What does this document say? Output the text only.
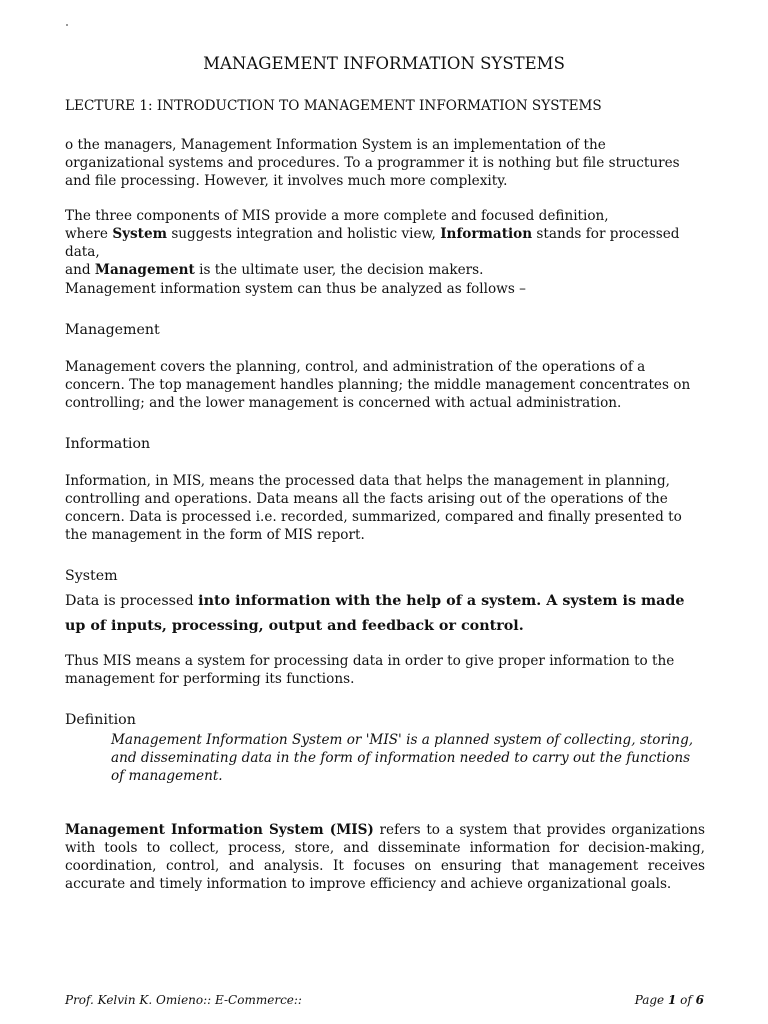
MANAGEMENT INFORMATION SYSTEMS
LECTURE 1: INTRODUCTION TO MANAGEMENT INFORMATION SYSTEMS

o the managers, Management Information System is an implementation of the organizational systems and procedures. To a programmer it is nothing but file structures and file processing. However, it involves much more complexity.

The three components of MIS provide a more complete and focused definition,
where System suggests integration and holistic view, Information stands for processed data,
and Management is the ultimate user, the decision makers.

Management information system can thus be analyzed as follows –

Management

Management covers the planning, control, and administration of the operations of a concern. The top management handles planning; the middle management concentrates on controlling; and the lower management is concerned with actual administration.

Information

Information, in MIS, means the processed data that helps the management in planning, controlling and operations. Data means all the facts arising out of the operations of the concern. Data is processed i.e. recorded, summarized, compared and finally presented to the management in the form of MIS report.

System

Data is processed into information with the help of a system. A system is made up of inputs, processing, output and feedback or control.

Thus MIS means a system for processing data in order to give proper information to the management for performing its functions.

Definition

Management Information System or 'MIS' is a planned system of collecting, storing, and disseminating data in the form of information needed to carry out the functions of management.

Management Information System (MIS) refers to a system that provides organizations with tools to collect, process, store, and disseminate information for decision-making, coordination, control, and analysis. It focuses on ensuring that management receives accurate and timely information to improve efficiency and achieve organizational goals.

Prof. Kelvin K. Omieno:: E-Commerce::	Page 1 of 6
